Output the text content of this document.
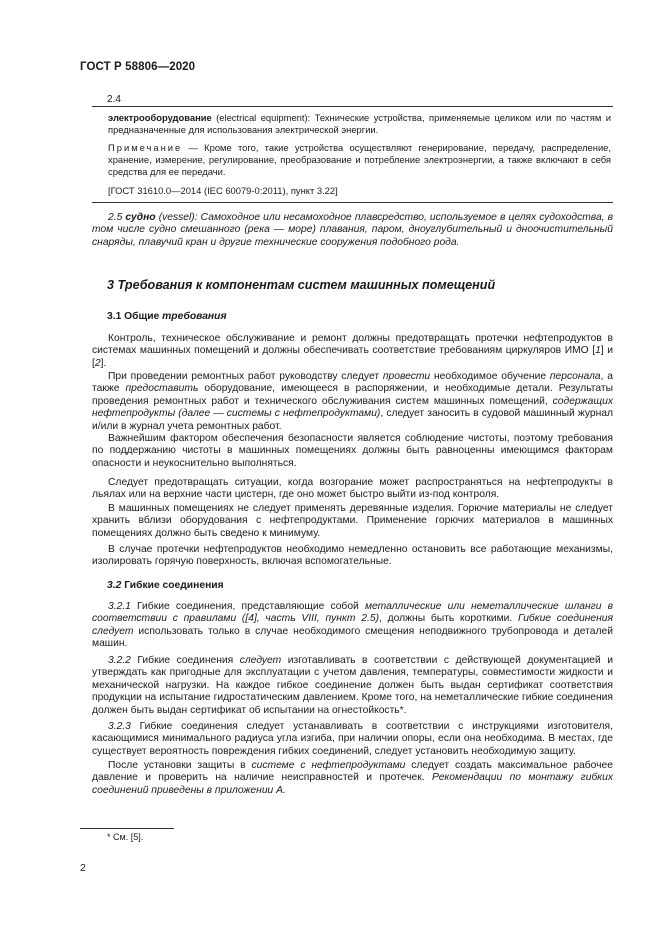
ГОСТ Р 58806—2020
2.4

электрооборудование (electrical equipment): Технические устройства, применяемые целиком или по частям и предназначенные для использования электрической энергии.

Примечание — Кроме того, такие устройства осуществляют генерирование, передачу, распределение, хранение, измерение, регулирование, преобразование и потребление электроэнергии, а также включают в себя средства для ее передачи.

[ГОСТ 31610.0—2014 (IEC 60079-0:2011), пункт 3.22]

2.5 судно (vessel): Самоходное или несамоходное плавсредство, используемое в целях судоходства, в том числе судно смешанного (река — море) плавания, паром, дноуглубительный и дноочистительный снаряды, плавучий кран и другие технические сооружения подобного рода.

3 Требования к компонентам систем машинных помещений
3.1 Общие требования

Контроль, техническое обслуживание и ремонт должны предотвращать протечки нефтепродуктов в системах машинных помещений и должны обеспечивать соответствие требованиям циркуляров ИМО [1] и [2].

При проведении ремонтных работ руководству следует провести необходимое обучение персонала, а также предоставить оборудование, имеющееся в распоряжении, и необходимые детали. Результаты проведения ремонтных работ и технического обслуживания систем машинных помещений, содержащих нефтепродукты (далее — системы с нефтепродуктами), следует заносить в судовой машинный журнал и/или в журнал учета ремонтных работ.

Важнейшим фактором обеспечения безопасности является соблюдение чистоты, поэтому требования по поддержанию чистоты в машинных помещениях должны быть равноценны имеющимся факторам опасности и неукоснительно выполняться.

Следует предотвращать ситуации, когда возгорание может распространяться на нефтепродукты в льялах или на верхние части цистерн, где оно может быстро выйти из-под контроля.

В машинных помещениях не следует применять деревянные изделия. Горючие материалы не следует хранить вблизи оборудования с нефтепродуктами. Применение горючих материалов в машинных помещениях должно быть сведено к минимуму.

В случае протечки нефтепродуктов необходимо немедленно остановить все работающие механизмы, изолировать горячую поверхность, включая вспомогательные.

3.2 Гибкие соединения

3.2.1 Гибкие соединения, представляющие собой металлические или неметаллические шланги в соответствии с правилами ([4], часть VIII, пункт 2.5), должны быть короткими. Гибкие соединения следует использовать только в случае необходимого смещения неподвижного трубопровода и деталей машин.

3.2.2 Гибкие соединения следует изготавливать в соответствии с действующей документацией и утверждать как пригодные для эксплуатации с учетом давления, температуры, совместимости жидкости и механической нагрузки. На каждое гибкое соединение должен быть выдан сертификат соответствия продукции на испытание гидростатическим давлением. Кроме того, на неметаллические гибкие соединения должен быть выдан сертификат об испытании на огнестойкость*.

3.2.3 Гибкие соединения следует устанавливать в соответствии с инструкциями изготовителя, касающимися минимального радиуса угла изгиба, при наличии опоры, если она необходима. В местах, где существует вероятность повреждения гибких соединений, следует установить необходимую защиту.

После установки защиты в системе с нефтепродуктами следует создать максимальное рабочее давление и проверить на наличие неисправностей и протечек. Рекомендации по монтажу гибких соединений приведены в приложении А.

* См. [5].
2
